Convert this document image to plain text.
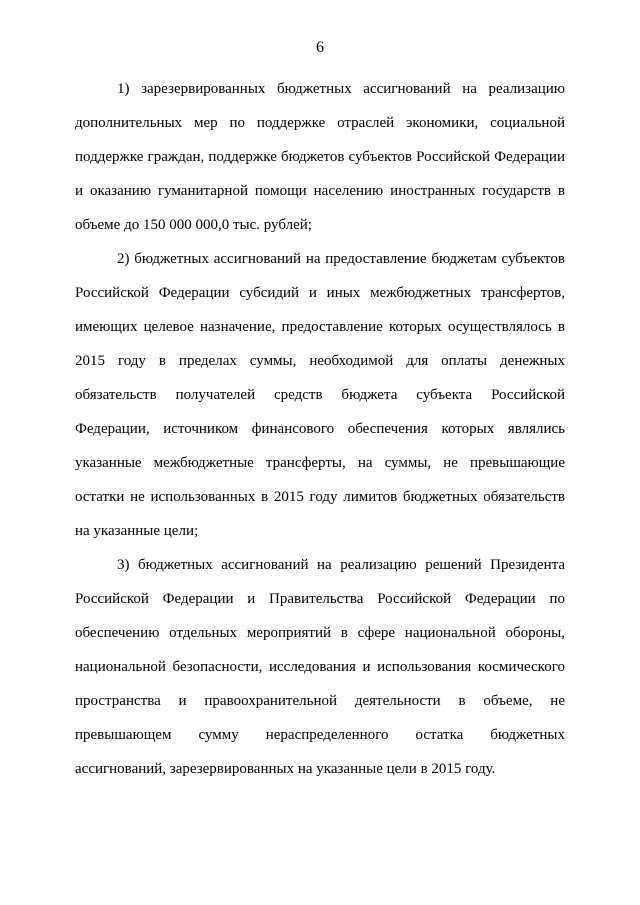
6

1) зарезервированных бюджетных ассигнований на реализацию дополнительных мер по поддержке отраслей экономики, социальной поддержке граждан, поддержке бюджетов субъектов Российской Федерации и оказанию гуманитарной помощи населению иностранных государств в объеме до 150 000 000,0 тыс. рублей;

2) бюджетных ассигнований на предоставление бюджетам субъектов Российской Федерации субсидий и иных межбюджетных трансфертов, имеющих целевое назначение, предоставление которых осуществлялось в 2015 году в пределах суммы, необходимой для оплаты денежных обязательств получателей средств бюджета субъекта Российской Федерации, источником финансового обеспечения которых являлись указанные межбюджетные трансферты, на суммы, не превышающие остатки не использованных в 2015 году лимитов бюджетных обязательств на указанные цели;

3) бюджетных ассигнований на реализацию решений Президента Российской Федерации и Правительства Российской Федерации по обеспечению отдельных мероприятий в сфере национальной обороны, национальной безопасности, исследования и использования космического пространства и правоохранительной деятельности в объеме, не превышающем сумму нераспределенного остатка бюджетных ассигнований, зарезервированных на указанные цели в 2015 году.
